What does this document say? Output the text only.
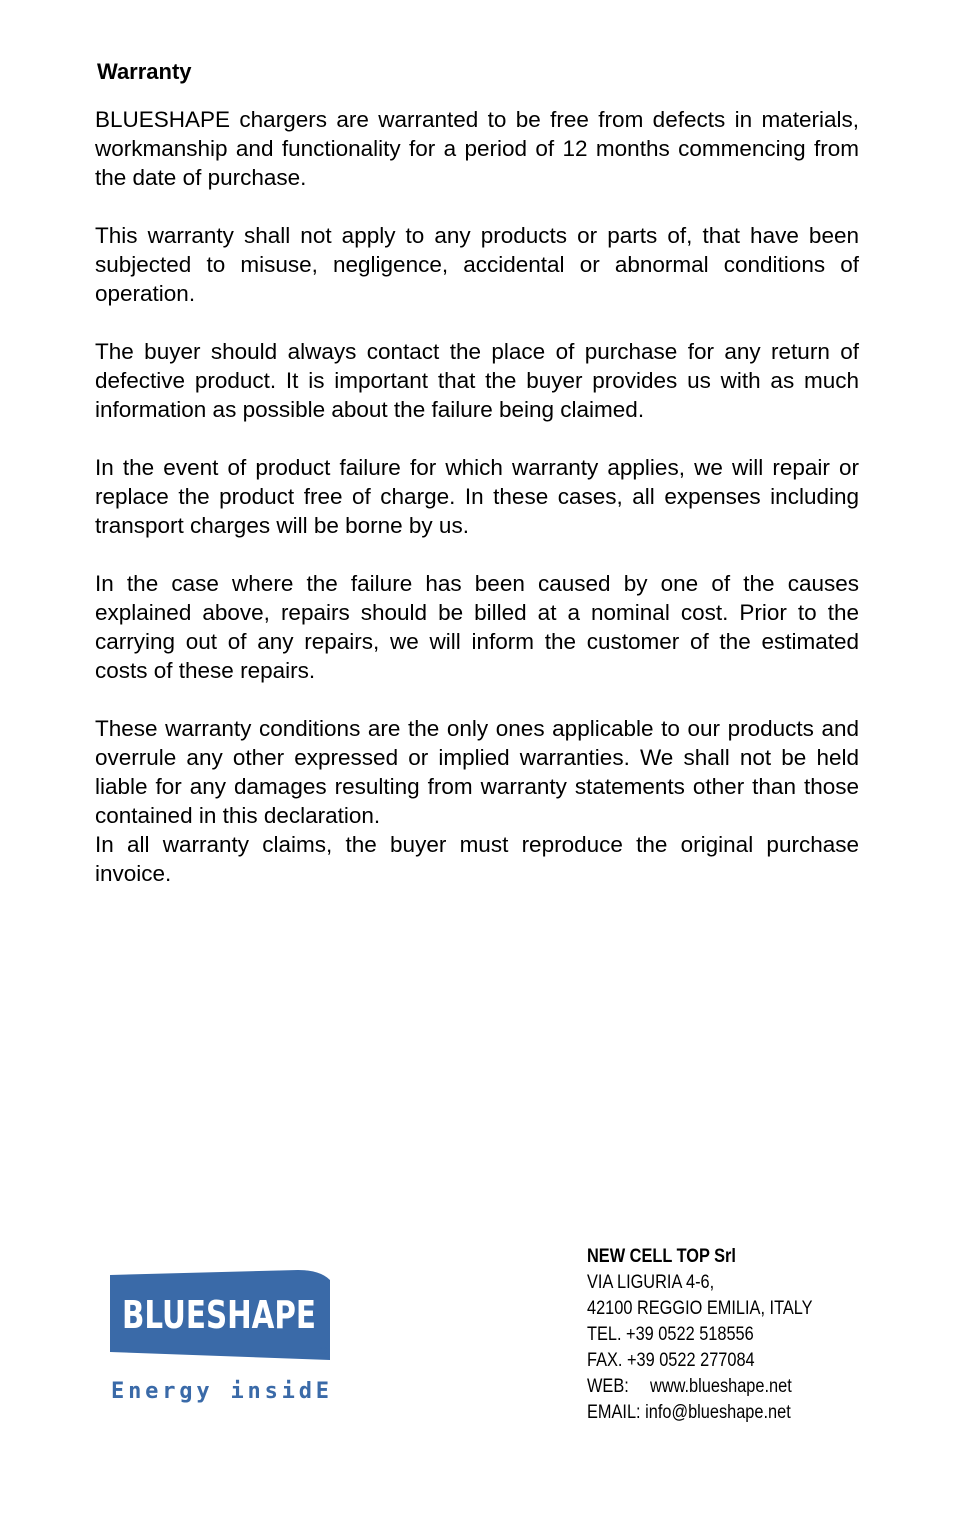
Warranty

BLUESHAPE chargers are warranted to be free from defects in materials, workmanship and functionality for a period of 12 months commencing from the date of purchase.

This warranty shall not apply to any products or parts of, that have been subjected to misuse, negligence, accidental or abnormal conditions of operation.

The buyer should always contact the place of purchase for any return of defective product. It is important that the buyer provides us with as much information as possible about the failure being claimed.

In the event of product failure for which warranty applies, we will repair or replace the product free of charge. In these cases, all expenses including transport charges will be borne by us.

In the case where the failure has been caused by one of the causes explained above, repairs should be billed at a nominal cost. Prior to the carrying out of any repairs, we will inform the customer of the estimated costs of these repairs.

These warranty conditions are the only ones applicable to our products and overrule any other expressed or implied warranties. We shall not be held liable for any damages resulting from warranty statements other than those contained in this declaration.

In all warranty claims, the buyer must reproduce the original purchase invoice.

BLUESHAPE
®
Energy insidE
NEW CELL TOP Srl
VIA LIGURIA 4-6,
42100 REGGIO EMILIA, ITALY
TEL. +39 0522 518556
FAX. +39 0522 277084
WEB: www.blueshape.net
EMAIL: info@blueshape.net
